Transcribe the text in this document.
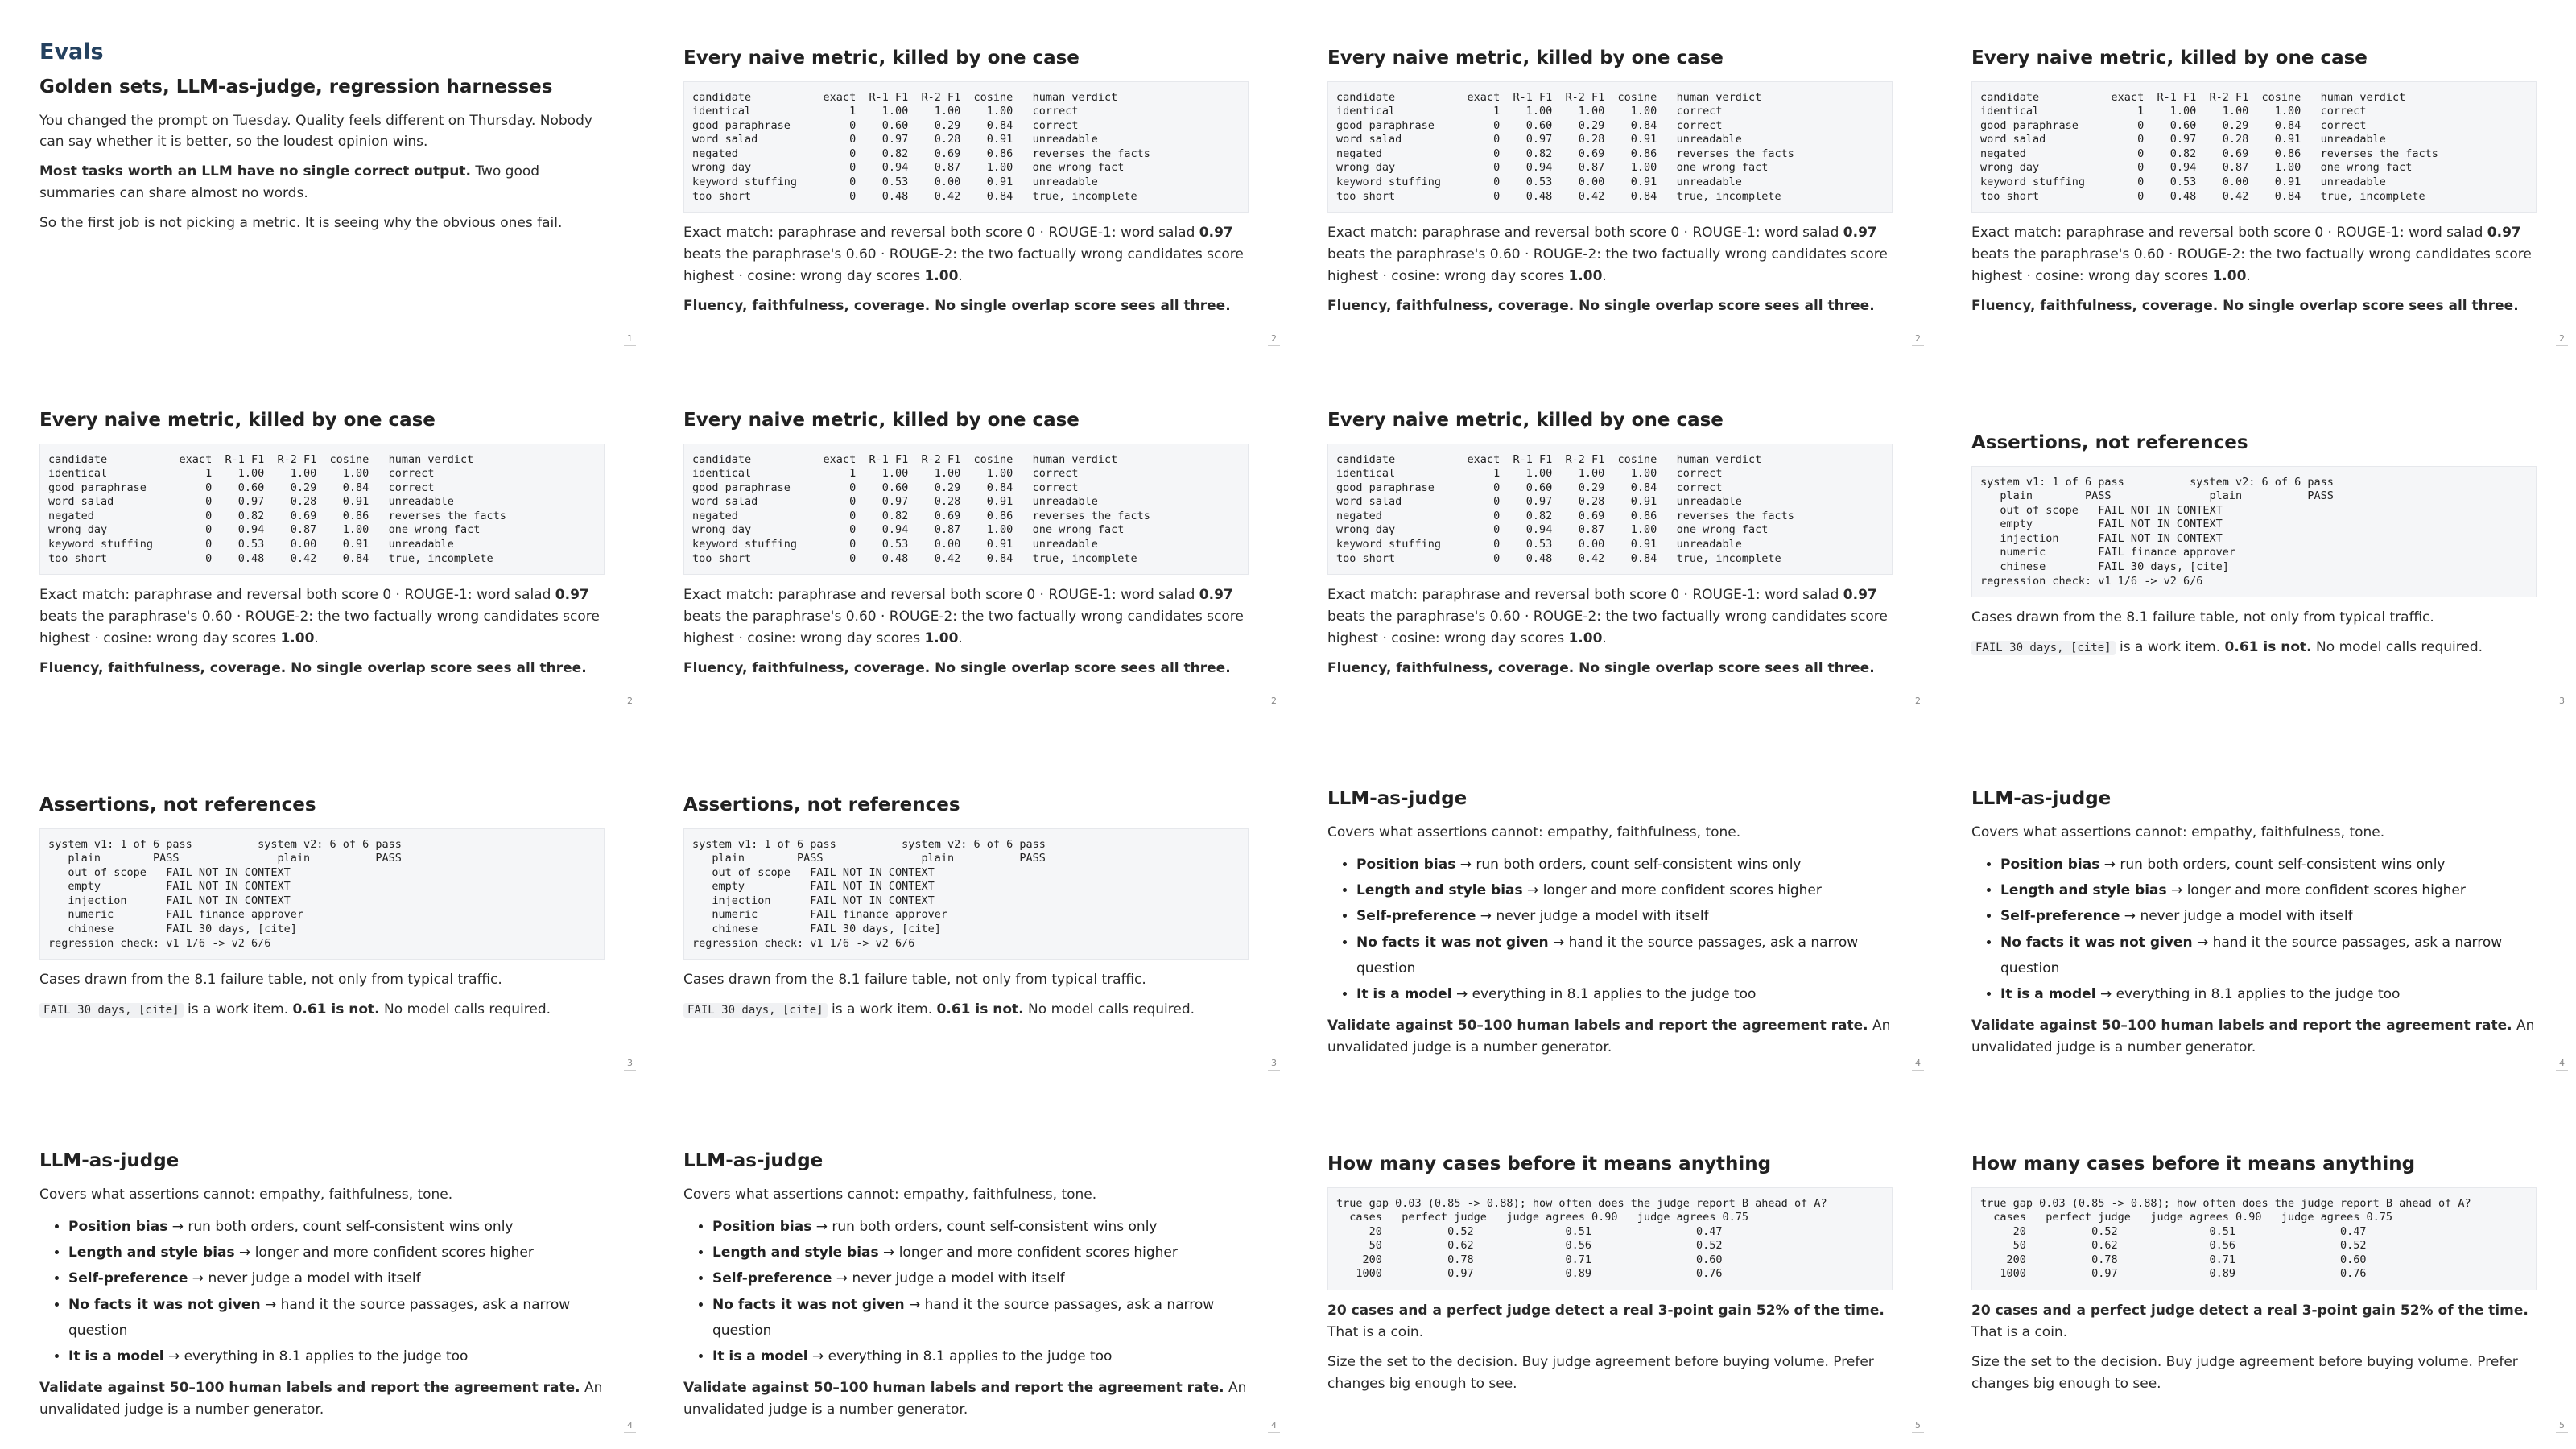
Evals
Golden sets, LLM-as-judge, regression harnesses

You changed the prompt on Tuesday. Quality feels different on Thursday. Nobody can say whether it is better, so the loudest opinion wins.

Most tasks worth an LLM have no single correct output. Two good summaries can share almost no words.

So the first job is not picking a metric. It is seeing why the obvious ones fail.

1
Every naive metric, killed by one case
candidate           exact  R-1 F1  R-2 F1  cosine   human verdict
identical               1    1.00    1.00    1.00   correct
good paraphrase         0    0.60    0.29    0.84   correct
word salad              0    0.97    0.28    0.91   unreadable
negated                 0    0.82    0.69    0.86   reverses the facts
wrong day               0    0.94    0.87    1.00   one wrong fact
keyword stuffing        0    0.53    0.00    0.91   unreadable
too short               0    0.48    0.42    0.84   true, incomplete

Exact match: paraphrase and reversal both score 0 · ROUGE-1: word salad 0.97 beats the paraphrase's 0.60 · ROUGE-2: the two factually wrong candidates score highest · cosine: wrong day scores 1.00.

Fluency, faithfulness, coverage. No single overlap score sees all three.

2
Every naive metric, killed by one case
candidate           exact  R-1 F1  R-2 F1  cosine   human verdict
identical               1    1.00    1.00    1.00   correct
good paraphrase         0    0.60    0.29    0.84   correct
word salad              0    0.97    0.28    0.91   unreadable
negated                 0    0.82    0.69    0.86   reverses the facts
wrong day               0    0.94    0.87    1.00   one wrong fact
keyword stuffing        0    0.53    0.00    0.91   unreadable
too short               0    0.48    0.42    0.84   true, incomplete

Exact match: paraphrase and reversal both score 0 · ROUGE-1: word salad 0.97 beats the paraphrase's 0.60 · ROUGE-2: the two factually wrong candidates score highest · cosine: wrong day scores 1.00.

Fluency, faithfulness, coverage. No single overlap score sees all three.

2
Every naive metric, killed by one case
candidate           exact  R-1 F1  R-2 F1  cosine   human verdict
identical               1    1.00    1.00    1.00   correct
good paraphrase         0    0.60    0.29    0.84   correct
word salad              0    0.97    0.28    0.91   unreadable
negated                 0    0.82    0.69    0.86   reverses the facts
wrong day               0    0.94    0.87    1.00   one wrong fact
keyword stuffing        0    0.53    0.00    0.91   unreadable
too short               0    0.48    0.42    0.84   true, incomplete

Exact match: paraphrase and reversal both score 0 · ROUGE-1: word salad 0.97 beats the paraphrase's 0.60 · ROUGE-2: the two factually wrong candidates score highest · cosine: wrong day scores 1.00.

Fluency, faithfulness, coverage. No single overlap score sees all three.

2
Every naive metric, killed by one case
candidate           exact  R-1 F1  R-2 F1  cosine   human verdict
identical               1    1.00    1.00    1.00   correct
good paraphrase         0    0.60    0.29    0.84   correct
word salad              0    0.97    0.28    0.91   unreadable
negated                 0    0.82    0.69    0.86   reverses the facts
wrong day               0    0.94    0.87    1.00   one wrong fact
keyword stuffing        0    0.53    0.00    0.91   unreadable
too short               0    0.48    0.42    0.84   true, incomplete

Exact match: paraphrase and reversal both score 0 · ROUGE-1: word salad 0.97 beats the paraphrase's 0.60 · ROUGE-2: the two factually wrong candidates score highest · cosine: wrong day scores 1.00.

Fluency, faithfulness, coverage. No single overlap score sees all three.

2
Every naive metric, killed by one case
candidate           exact  R-1 F1  R-2 F1  cosine   human verdict
identical               1    1.00    1.00    1.00   correct
good paraphrase         0    0.60    0.29    0.84   correct
word salad              0    0.97    0.28    0.91   unreadable
negated                 0    0.82    0.69    0.86   reverses the facts
wrong day               0    0.94    0.87    1.00   one wrong fact
keyword stuffing        0    0.53    0.00    0.91   unreadable
too short               0    0.48    0.42    0.84   true, incomplete

Exact match: paraphrase and reversal both score 0 · ROUGE-1: word salad 0.97 beats the paraphrase's 0.60 · ROUGE-2: the two factually wrong candidates score highest · cosine: wrong day scores 1.00.

Fluency, faithfulness, coverage. No single overlap score sees all three.

2
Every naive metric, killed by one case
candidate           exact  R-1 F1  R-2 F1  cosine   human verdict
identical               1    1.00    1.00    1.00   correct
good paraphrase         0    0.60    0.29    0.84   correct
word salad              0    0.97    0.28    0.91   unreadable
negated                 0    0.82    0.69    0.86   reverses the facts
wrong day               0    0.94    0.87    1.00   one wrong fact
keyword stuffing        0    0.53    0.00    0.91   unreadable
too short               0    0.48    0.42    0.84   true, incomplete

Exact match: paraphrase and reversal both score 0 · ROUGE-1: word salad 0.97 beats the paraphrase's 0.60 · ROUGE-2: the two factually wrong candidates score highest · cosine: wrong day scores 1.00.

Fluency, faithfulness, coverage. No single overlap score sees all three.

2
Assertions, not references
system v1: 1 of 6 pass          system v2: 6 of 6 pass
plain        PASS               plain          PASS
out of scope   FAIL NOT IN CONTEXT
empty          FAIL NOT IN CONTEXT
injection      FAIL NOT IN CONTEXT
numeric        FAIL finance approver
chinese        FAIL 30 days, [cite]
regression check: v1 1/6 -> v2 6/6

Cases drawn from the 8.1 failure table, not only from typical traffic.

FAIL 30 days, [cite] is a work item. 0.61 is not. No model calls required.

3
Assertions, not references
system v1: 1 of 6 pass          system v2: 6 of 6 pass
plain        PASS               plain          PASS
out of scope   FAIL NOT IN CONTEXT
empty          FAIL NOT IN CONTEXT
injection      FAIL NOT IN CONTEXT
numeric        FAIL finance approver
chinese        FAIL 30 days, [cite]
regression check: v1 1/6 -> v2 6/6

Cases drawn from the 8.1 failure table, not only from typical traffic.

FAIL 30 days, [cite] is a work item. 0.61 is not. No model calls required.

3
Assertions, not references
system v1: 1 of 6 pass          system v2: 6 of 6 pass
plain        PASS               plain          PASS
out of scope   FAIL NOT IN CONTEXT
empty          FAIL NOT IN CONTEXT
injection      FAIL NOT IN CONTEXT
numeric        FAIL finance approver
chinese        FAIL 30 days, [cite]
regression check: v1 1/6 -> v2 6/6

Cases drawn from the 8.1 failure table, not only from typical traffic.

FAIL 30 days, [cite] is a work item. 0.61 is not. No model calls required.

3
LLM-as-judge

Covers what assertions cannot: empathy, faithfulness, tone.

• Position bias → run both orders, count self-consistent wins only
• Length and style bias → longer and more confident scores higher
• Self-preference → never judge a model with itself
• No facts it was not given → hand it the source passages, ask a narrow question
• It is a model → everything in 8.1 applies to the judge too

Validate against 50–100 human labels and report the agreement rate. An unvalidated judge is a number generator.

4
LLM-as-judge

Covers what assertions cannot: empathy, faithfulness, tone.

• Position bias → run both orders, count self-consistent wins only
• Length and style bias → longer and more confident scores higher
• Self-preference → never judge a model with itself
• No facts it was not given → hand it the source passages, ask a narrow question
• It is a model → everything in 8.1 applies to the judge too

Validate against 50–100 human labels and report the agreement rate. An unvalidated judge is a number generator.

4
LLM-as-judge

Covers what assertions cannot: empathy, faithfulness, tone.

• Position bias → run both orders, count self-consistent wins only
• Length and style bias → longer and more confident scores higher
• Self-preference → never judge a model with itself
• No facts it was not given → hand it the source passages, ask a narrow question
• It is a model → everything in 8.1 applies to the judge too

Validate against 50–100 human labels and report the agreement rate. An unvalidated judge is a number generator.

4
LLM-as-judge

Covers what assertions cannot: empathy, faithfulness, tone.

• Position bias → run both orders, count self-consistent wins only
• Length and style bias → longer and more confident scores higher
• Self-preference → never judge a model with itself
• No facts it was not given → hand it the source passages, ask a narrow question
• It is a model → everything in 8.1 applies to the judge too

Validate against 50–100 human labels and report the agreement rate. An unvalidated judge is a number generator.

4
How many cases before it means anything
true gap 0.03 (0.85 -> 0.88); how often does the judge report B ahead of A?
cases   perfect judge   judge agrees 0.90   judge agrees 0.75
20          0.52              0.51                0.47
50          0.62              0.56                0.52
200          0.78              0.71                0.60
1000          0.97              0.89                0.76

20 cases and a perfect judge detect a real 3-point gain 52% of the time. That is a coin.

Size the set to the decision. Buy judge agreement before buying volume. Prefer changes big enough to see.

5
How many cases before it means anything
true gap 0.03 (0.85 -> 0.88); how often does the judge report B ahead of A?
cases   perfect judge   judge agrees 0.90   judge agrees 0.75
20          0.52              0.51                0.47
50          0.62              0.56                0.52
200          0.78              0.71                0.60
1000          0.97              0.89                0.76

20 cases and a perfect judge detect a real 3-point gain 52% of the time. That is a coin.

Size the set to the decision. Buy judge agreement before buying volume. Prefer changes big enough to see.

5
